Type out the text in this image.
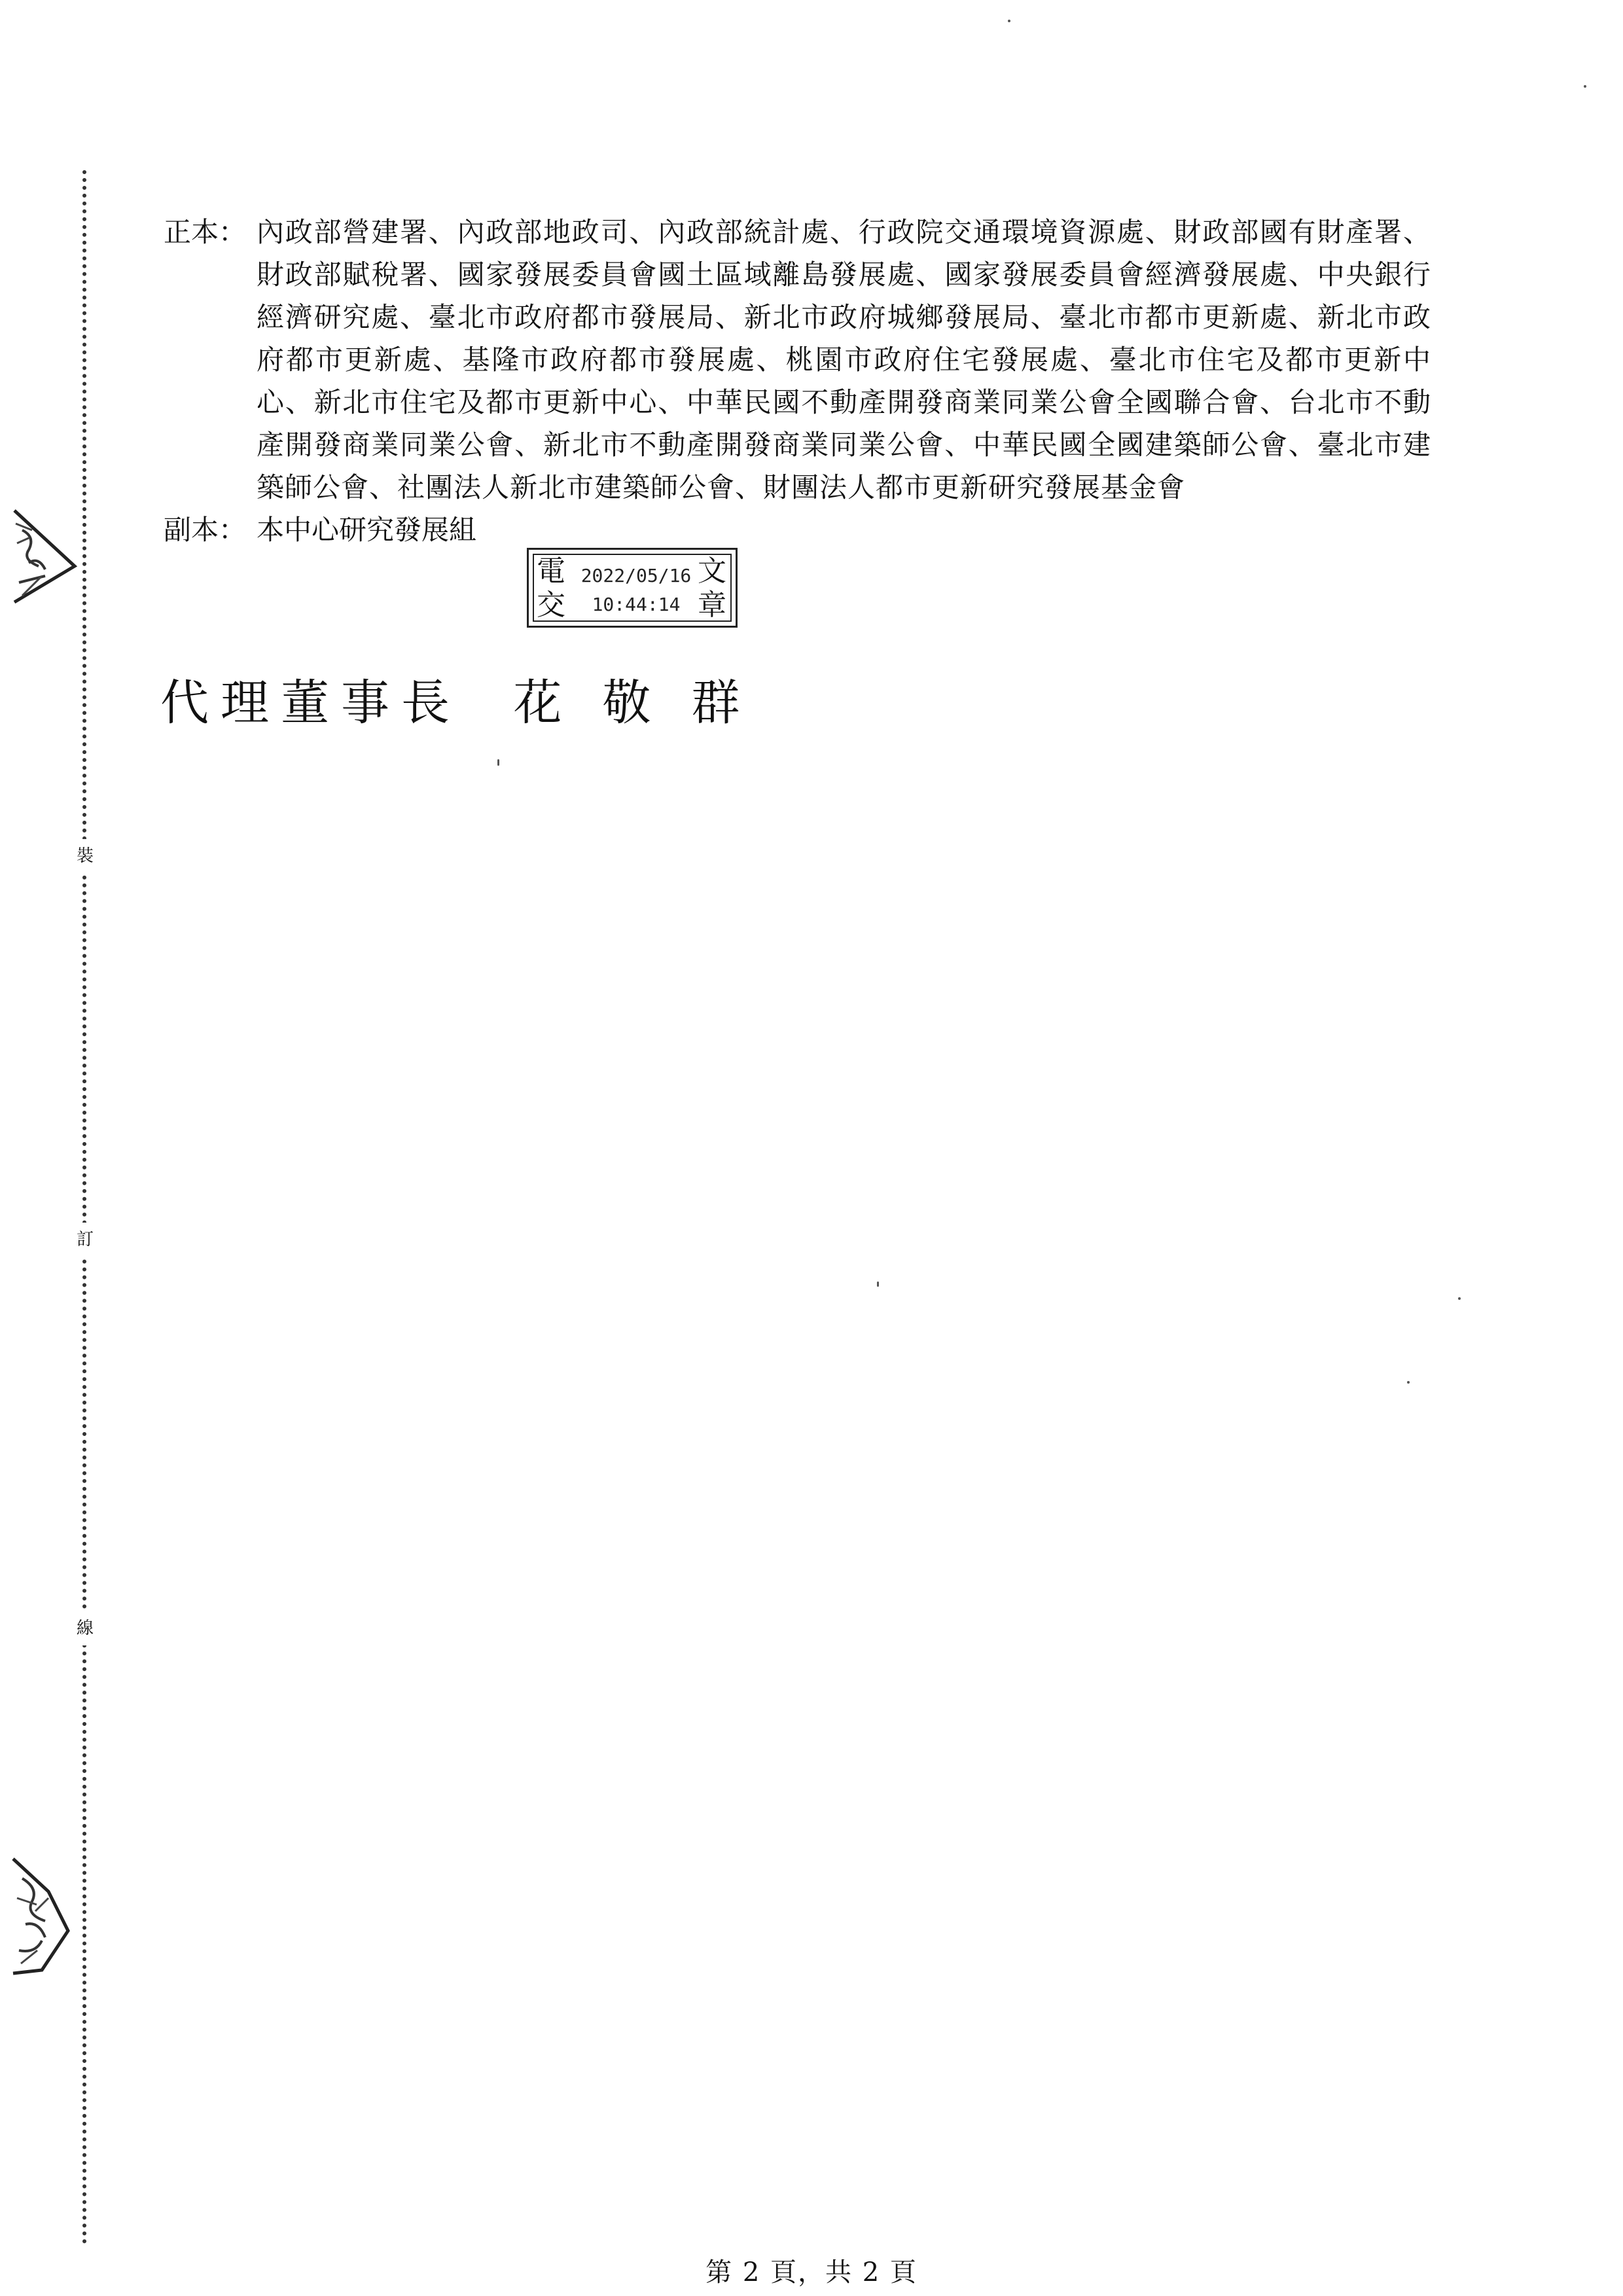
裝
訂
線
正本： 內政部營建署、內政部地政司、內政部統計處、行政院交通環境資源處、財政部國有財產署、財政部賦稅署、國家發展委員會國土區域離島發展處、國家發展委員會經濟發展處、中央銀行經濟研究處、臺北市政府都市發展局、新北市政府城鄉發展局、臺北市都市更新處、新北市政府都市更新處、基隆市政府都市發展處、桃園市政府住宅發展處、臺北市住宅及都市更新中心、新北市住宅及都市更新中心、中華民國不動產開發商業同業公會全國聯合會、台北市不動產開發商業同業公會、新北市不動產開發商業同業公會、中華民國全國建築師公會、臺北市建築師公會、社團法人新北市建築師公會、財團法人都市更新研究發展基金會
副本： 本中心研究發展組
電
交
文
章
2022/05/16
10:44:14
代理董事長 花敬群
第 2 頁，共 2 頁
